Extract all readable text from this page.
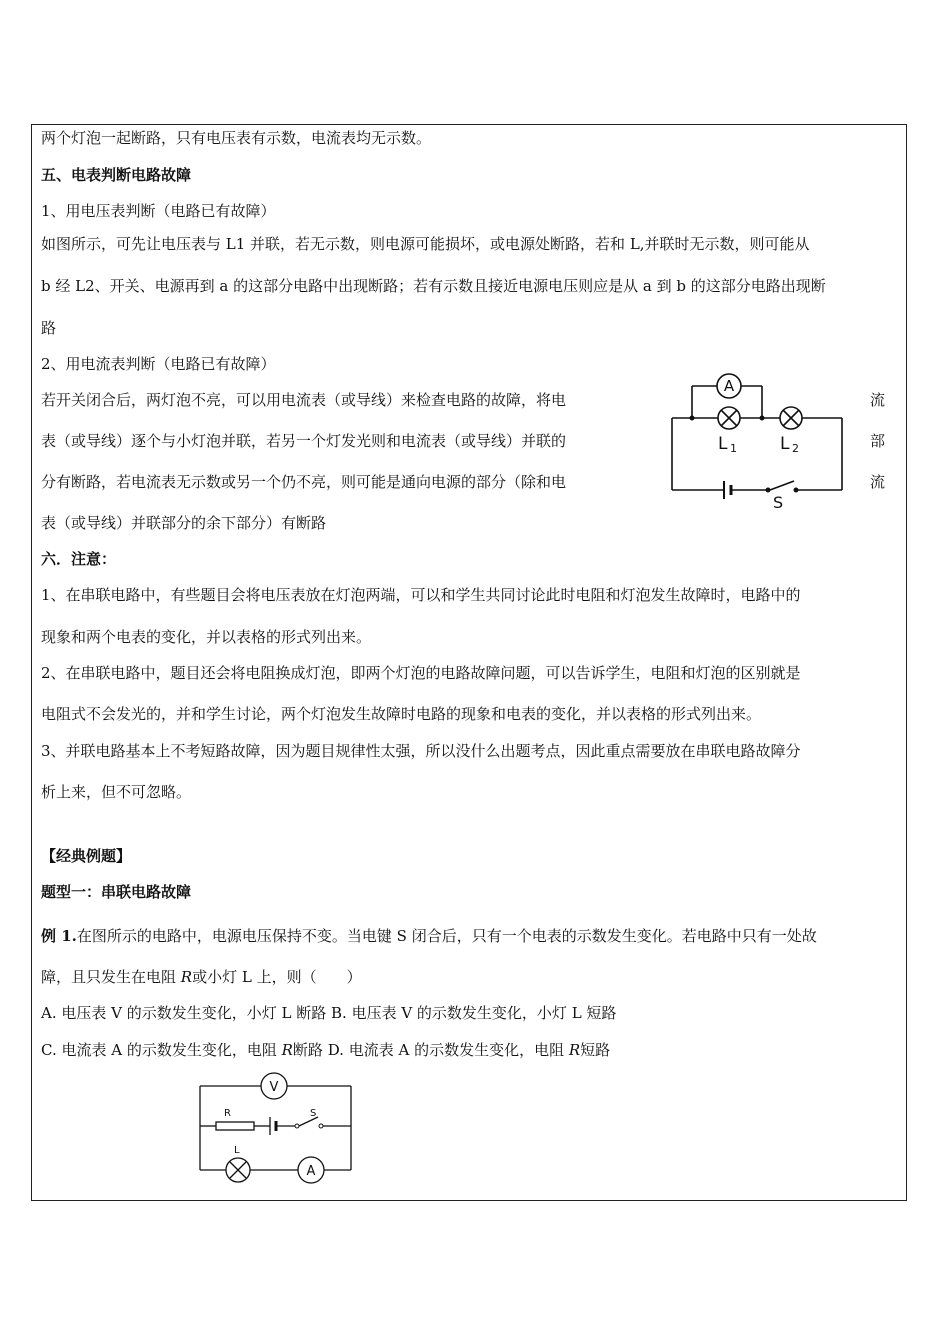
两个灯泡一起断路，只有电压表有示数，电流表均无示数。
五、电表判断电路故障
1、用电压表判断（电路已有故障）
如图所示，可先让电压表与 L1 并联，若无示数，则电源可能损坏，或电源处断路，若和 L,并联时无示数，则可能从
b 经 L2、开关、电源再到 a 的这部分电路中出现断路；若有示数且接近电源电压则应是从 a 到 b 的这部分电路出现断
路
2、用电流表判断（电路已有故障）
若开关闭合后，两灯泡不亮，可以用电流表（或导线）来检查电路的故障，将电
表（或导线）逐个与小灯泡并联，若另一个灯发光则和电流表（或导线）并联的
分有断路，若电流表无示数或另一个仍不亮，则可能是通向电源的部分（除和电
表（或导线）并联部分的余下部分）有断路
流
部
流
A
L 1	L 2
S
六．注意：
1、在串联电路中，有些题目会将电压表放在灯泡两端，可以和学生共同讨论此时电阻和灯泡发生故障时，电路中的
现象和两个电表的变化，并以表格的形式列出来。
2、在串联电路中，题目还会将电阻换成灯泡，即两个灯泡的电路故障问题，可以告诉学生，电阻和灯泡的区别就是
电阻式不会发光的，并和学生讨论，两个灯泡发生故障时电路的现象和电表的变化，并以表格的形式列出来。
3、并联电路基本上不考短路故障，因为题目规律性太强，所以没什么出题考点，因此重点需要放在串联电路故障分
析上来，但不可忽略。
【经典例题】
题型一：串联电路故障
例 1.在图所示的电路中，电源电压保持不变。当电键 S 闭合后，只有一个电表的示数发生变化。若电路中只有一处故
障，且只发生在电阻 R或小灯 L 上，则（　　）
A. 电压表 V 的示数发生变化，小灯 L 断路 B. 电压表 V 的示数发生变化，小灯 L 短路
C. 电流表 A 的示数发生变化，电阻 R断路 D. 电流表 A 的示数发生变化，电阻 R短路
V
R	S
L
A
